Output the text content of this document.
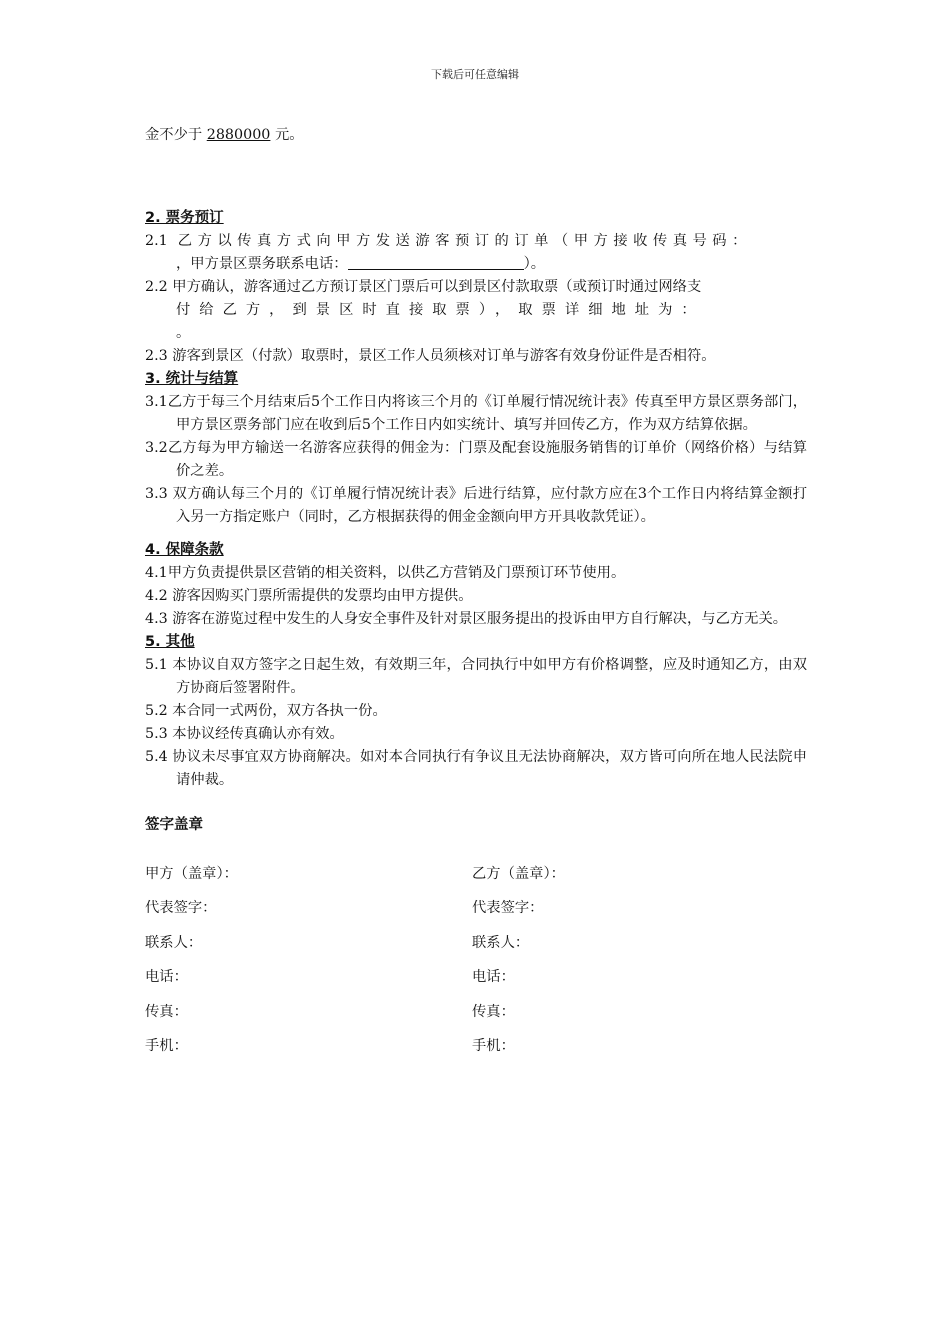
下载后可任意编辑

金不少于 2880000 元。

2. 票务预订

2.1 乙方以传真方式向甲方发送游客预订的订单（甲方接收传真号码：
，甲方景区票务联系电话：	）。

2.2 甲方确认，游客通过乙方预订景区门票后可以到景区付款取票（或预订时通过网络支
付给乙方，到景区时直接取票），取票详细地址为：
。

2.3 游客到景区（付款）取票时，景区工作人员须核对订单与游客有效身份证件是否相符。

3. 统计与结算

3.1乙方于每三个月结束后5个工作日内将该三个月的《订单履行情况统计表》传真至甲方景区票务部门，甲方景区票务部门应在收到后5个工作日内如实统计、填写并回传乙方，作为双方结算依据。

3.2乙方每为甲方输送一名游客应获得的佣金为：门票及配套设施服务销售的订单价（网络价格）与结算价之差。

3.3 双方确认每三个月的《订单履行情况统计表》后进行结算，应付款方应在3个工作日内将结算金额打入另一方指定账户（同时，乙方根据获得的佣金金额向甲方开具收款凭证）。

4. 保障条款

4.1甲方负责提供景区营销的相关资料，以供乙方营销及门票预订环节使用。

4.2 游客因购买门票所需提供的发票均由甲方提供。

4.3 游客在游览过程中发生的人身安全事件及针对景区服务提出的投诉由甲方自行解决，与乙方无关。

5. 其他

5.1 本协议自双方签字之日起生效，有效期三年，合同执行中如甲方有价格调整，应及时通知乙方，由双方协商后签署附件。

5.2 本合同一式两份，双方各执一份。

5.3 本协议经传真确认亦有效。

5.4 协议未尽事宜双方协商解决。如对本合同执行有争议且无法协商解决，双方皆可向所在地人民法院申请仲裁。

签字盖章

甲方（盖章）：	乙方（盖章）：
代表签字：	代表签字：
联系人：	联系人：
电话：	电话：
传真：	传真：
手机：	手机：
